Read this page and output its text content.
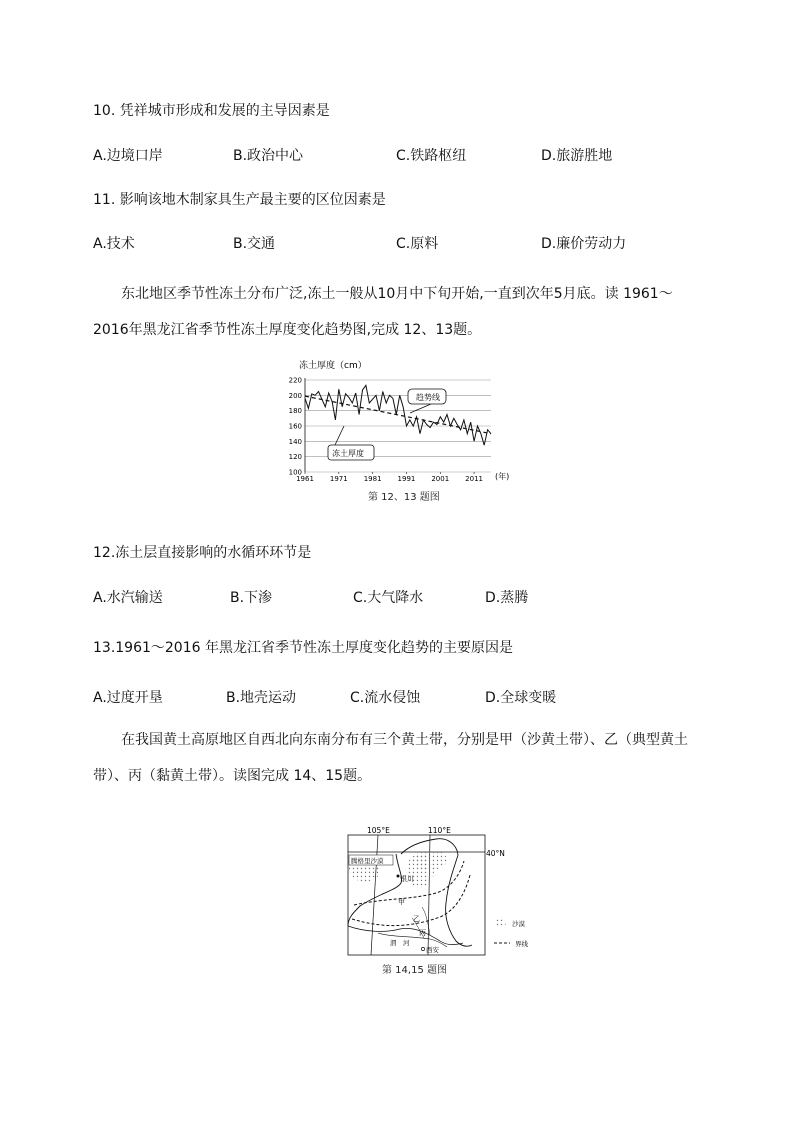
10. 凭祥城市形成和发展的主导因素是
A.边境口岸	B.政治中心	C.铁路枢纽	D.旅游胜地
11. 影响该地木制家具生产最主要的区位因素是
A.技术	B.交通	C.原料	D.廉价劳动力
东北地区季节性冻土分布广泛,冻土一般从10月中下旬开始,一直到次年5月底。读 1961～2016年黑龙江省季节性冻土厚度变化趋势图,完成 12、13题。
冻土厚度（cm）
220
200
180
160
140
120
100
1961 1971 1981 1991 2001 2011
趋势线
冻土厚度
(年)
第 12、13 题图
12.冻土层直接影响的水循环环节是
A.水汽输送	B.下渗	C.大气降水	D.蒸腾
13.1961～2016 年黑龙江省季节性冻土厚度变化趋势的主要原因是
A.过度开垦	B.地壳运动	C.流水侵蚀	D.全球变暖
在我国黄土高原地区自西北向东南分布有三个黄土带，分别是甲（沙黄土带）、乙（典型黄土带）、丙（黏黄土带）。读图完成 14、15题。
105°E	110°E
40°N
腾格里沙漠
银川
西安
渭　河
甲
乙
丙
沙漠
界线
第 14,15 题图
